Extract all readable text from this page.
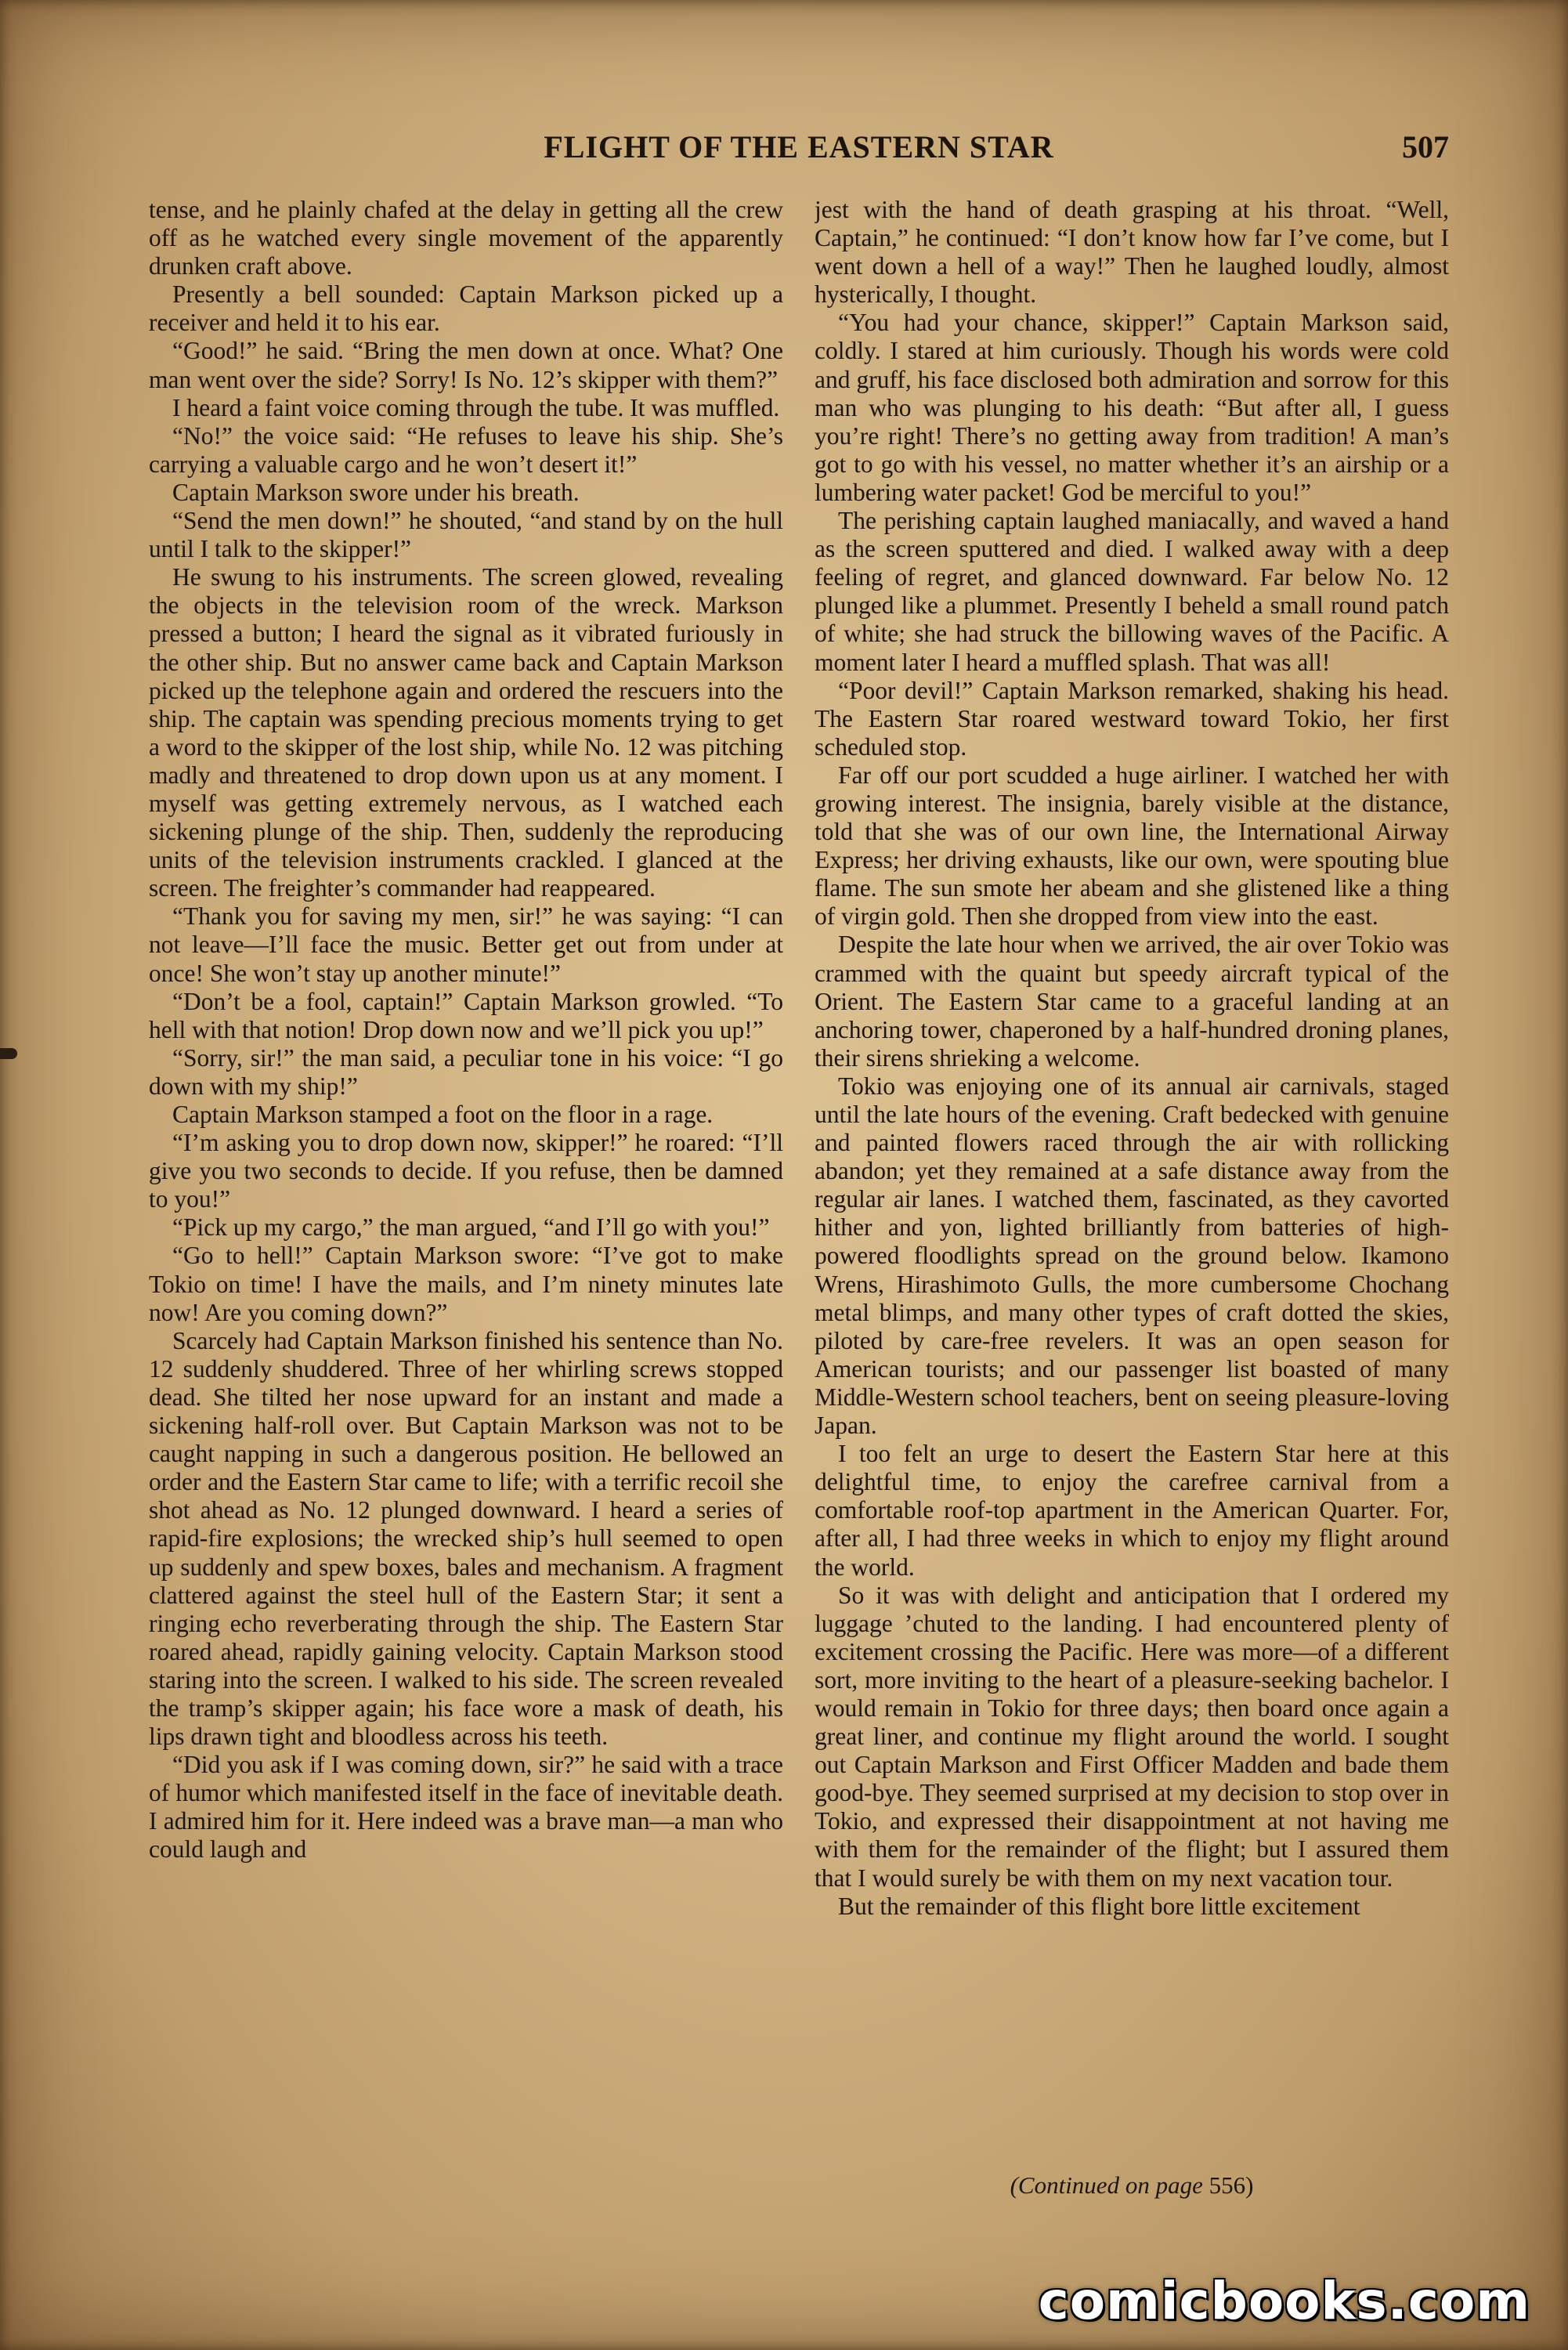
FLIGHT OF THE EASTERN STAR	507

tense, and he plainly chafed at the delay in getting all the crew off as he watched every single movement of the apparently drunken craft above.

Presently a bell sounded: Captain Markson picked up a receiver and held it to his ear.

“Good!” he said. “Bring the men down at once. What? One man went over the side? Sorry! Is No. 12’s skipper with them?”

I heard a faint voice coming through the tube. It was muffled.

“No!” the voice said: “He refuses to leave his ship. She’s carrying a valuable cargo and he won’t desert it!”

Captain Markson swore under his breath.

“Send the men down!” he shouted, “and stand by on the hull until I talk to the skipper!”

He swung to his instruments. The screen glowed, revealing the objects in the television room of the wreck. Markson pressed a button; I heard the signal as it vibrated furiously in the other ship. But no answer came back and Captain Markson picked up the telephone again and ordered the rescuers into the ship. The captain was spending precious moments trying to get a word to the skipper of the lost ship, while No. 12 was pitching madly and threatened to drop down upon us at any moment. I myself was getting extremely nervous, as I watched each sickening plunge of the ship. Then, suddenly the reproducing units of the television instruments crackled. I glanced at the screen. The freighter’s commander had reappeared.

“Thank you for saving my men, sir!” he was saying: “I can not leave—I’ll face the music. Better get out from under at once! She won’t stay up another minute!”

“Don’t be a fool, captain!” Captain Markson growled. “To hell with that notion! Drop down now and we’ll pick you up!”

“Sorry, sir!” the man said, a peculiar tone in his voice: “I go down with my ship!”

Captain Markson stamped a foot on the floor in a rage.

“I’m asking you to drop down now, skipper!” he roared: “I’ll give you two seconds to decide. If you refuse, then be damned to you!”

“Pick up my cargo,” the man argued, “and I’ll go with you!”

“Go to hell!” Captain Markson swore: “I’ve got to make Tokio on time! I have the mails, and I’m ninety minutes late now! Are you coming down?”

Scarcely had Captain Markson finished his sentence than No. 12 suddenly shuddered. Three of her whirling screws stopped dead. She tilted her nose upward for an instant and made a sickening half-roll over. But Captain Markson was not to be caught napping in such a dangerous position. He bellowed an order and the Eastern Star came to life; with a terrific recoil she shot ahead as No. 12 plunged downward. I heard a series of rapid-fire explosions; the wrecked ship’s hull seemed to open up suddenly and spew boxes, bales and mechanism. A fragment clattered against the steel hull of the Eastern Star; it sent a ringing echo reverberating through the ship. The Eastern Star roared ahead, rapidly gaining velocity. Captain Markson stood staring into the screen. I walked to his side. The screen revealed the tramp’s skipper again; his face wore a mask of death, his lips drawn tight and bloodless across his teeth.

“Did you ask if I was coming down, sir?” he said with a trace of humor which manifested itself in the face of inevitable death. I admired him for it. Here indeed was a brave man—a man who could laugh and

jest with the hand of death grasping at his throat. “Well, Captain,” he continued: “I don’t know how far I’ve come, but I went down a hell of a way!” Then he laughed loudly, almost hysterically, I thought.

“You had your chance, skipper!” Captain Markson said, coldly. I stared at him curiously. Though his words were cold and gruff, his face disclosed both admiration and sorrow for this man who was plunging to his death: “But after all, I guess you’re right! There’s no getting away from tradition! A man’s got to go with his vessel, no matter whether it’s an airship or a lumbering water packet! God be merciful to you!”

The perishing captain laughed maniacally, and waved a hand as the screen sputtered and died. I walked away with a deep feeling of regret, and glanced downward. Far below No. 12 plunged like a plummet. Presently I beheld a small round patch of white; she had struck the billowing waves of the Pacific. A moment later I heard a muffled splash. That was all!

“Poor devil!” Captain Markson remarked, shaking his head. The Eastern Star roared westward toward Tokio, her first scheduled stop.

Far off our port scudded a huge airliner. I watched her with growing interest. The insignia, barely visible at the distance, told that she was of our own line, the International Airway Express; her driving exhausts, like our own, were spouting blue flame. The sun smote her abeam and she glistened like a thing of virgin gold. Then she dropped from view into the east.

Despite the late hour when we arrived, the air over Tokio was crammed with the quaint but speedy aircraft typical of the Orient. The Eastern Star came to a graceful landing at an anchoring tower, chaperoned by a half-hundred droning planes, their sirens shrieking a welcome.

Tokio was enjoying one of its annual air carnivals, staged until the late hours of the evening. Craft bedecked with genuine and painted flowers raced through the air with rollicking abandon; yet they remained at a safe distance away from the regular air lanes. I watched them, fascinated, as they cavorted hither and yon, lighted brilliantly from batteries of high-powered floodlights spread on the ground below. Ikamono Wrens, Hirashimoto Gulls, the more cumbersome Chochang metal blimps, and many other types of craft dotted the skies, piloted by care-free revelers. It was an open season for American tourists; and our passenger list boasted of many Middle-Western school teachers, bent on seeing pleasure-loving Japan.

I too felt an urge to desert the Eastern Star here at this delightful time, to enjoy the carefree carnival from a comfortable roof-top apartment in the American Quarter. For, after all, I had three weeks in which to enjoy my flight around the world.

So it was with delight and anticipation that I ordered my luggage ’chuted to the landing. I had encountered plenty of excitement crossing the Pacific. Here was more—of a different sort, more inviting to the heart of a pleasure-seeking bachelor. I would remain in Tokio for three days; then board once again a great liner, and continue my flight around the world. I sought out Captain Markson and First Officer Madden and bade them good-bye. They seemed surprised at my decision to stop over in Tokio, and expressed their disappointment at not having me with them for the remainder of the flight; but I assured them that I would surely be with them on my next vacation tour.

But the remainder of this flight bore little excitement

(Continued on page 556)
comicbooks.com
